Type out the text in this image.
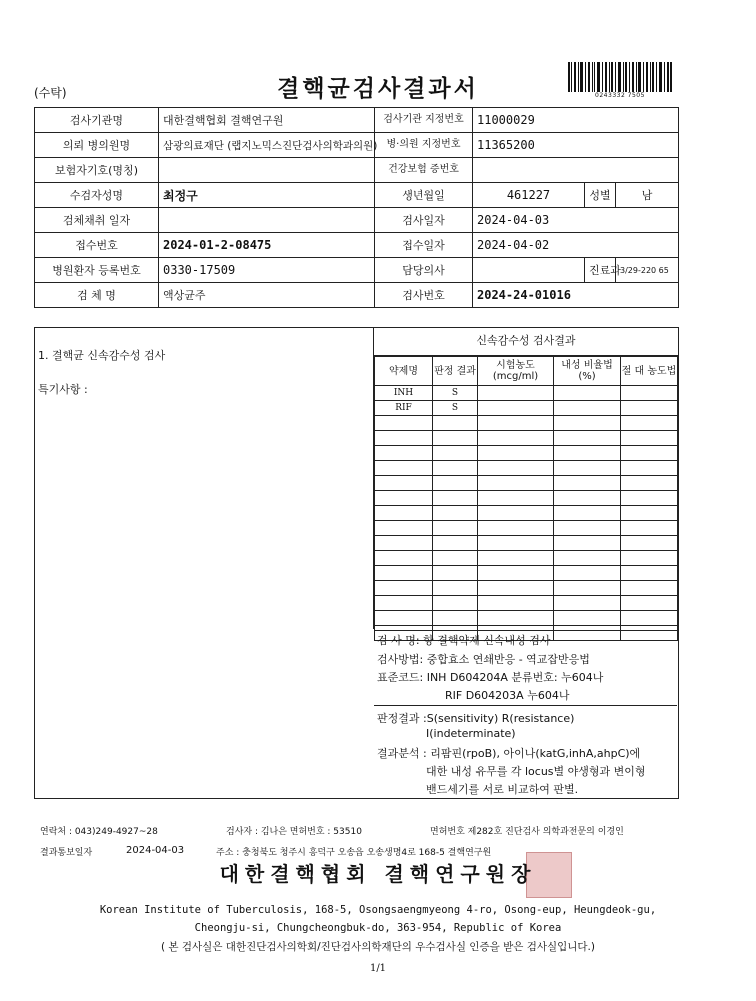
(수탁)	결핵균검사결과서	0243332 7505
검사기관명	대한결핵협회 결핵연구원	검사기관 지정번호	11000029		
의뢰 병의원명	삼광의료재단 (랩지노믹스진단검사의학과의원)	병·의원 지정번호	11365200		
보험자기호(명칭)		건강보험 증번호			
수검자성명	최정구	생년월일	461227	성별	남
검체채취 일자		검사일자	2024-04-03		
접수번호	2024-01-2-08475	접수일자	2024-04-02		
병원환자 등록번호	0330-17509	담당의사		진료과	3/29-220 65
검 체 명	액상균주	검사번호	2024-24-01016		
1. 결핵균 신속감수성 검사
특기사항 :
신속감수성 검사결과
약제명	판정 결과	시험농도 (mcg/ml)	내성 비율법(%)	절 대 농도법
INH	S			
RIF	S			

검 사 명: 항 결핵약제 신속내성 검사
검사방법: 중합효소 연쇄반응 - 역교잡반응법
표준코드: INH D604204A 분류번호: 누604나
RIF D604203A 누604나
판정결과 :S(sensitivity) R(resistance)
I(indeterminate)
결과분석 : 리팜핀(rpoB), 아이나(katG,inhA,ahpC)에
대한 내성 유무를 각 locus별 야생형과 변이형
밴드세기를 서로 비교하여 판별.
연락처 : 043)249-4927~28	검사자 : 김나은 면허번호 : 53510	면허번호 제282호 진단검사 의학과전문의 이경인
결과통보일자	2024-04-03	주소 : 충청북도 청주시 흥덕구 오송읍 오송생명4로 168-5 결핵연구원
대한결핵협회 결핵연구원장
Korean Institute of Tuberculosis, 168-5, Osongsaengmyeong 4-ro, Osong-eup, Heungdeok-gu,
Cheongju-si, Chungcheongbuk-do, 363-954, Republic of Korea
( 본 검사실은 대한진단검사의학회/진단검사의학재단의 우수검사실 인증을 받은 검사실입니다.)
1/1
